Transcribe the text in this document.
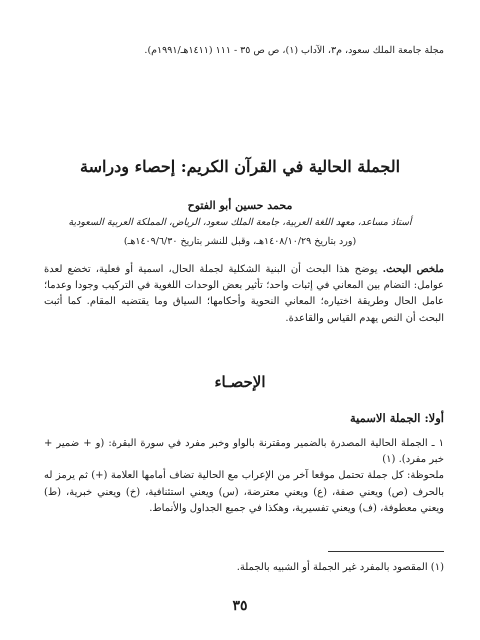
مجلة جامعة الملك سعود، م٣، الآداب (١)، ص ص ٣٥ - ١١١ (١٤١١هـ/١٩٩١م).
الجملة الحالية في القرآن الكريم: إحصاء ودراسة
محمد حسين أبو الفتوح
أستاذ مساعد، معهد اللغة العربية، جامعة الملك سعود، الرياض، المملكة العربية السعودية
(ورد بتاريخ ١٤٠٨/١٠/٢٩هـ، وقبل للنشر بتاريخ ١٤٠٩/٦/٣٠هـ)
ملخص البحث. يوضح هذا البحث أن البنية الشكلية لجملة الحال، اسمية أو فعلية، تخضع لعدة عوامل: التضام بين المعاني في إثبات واحد؛ تأثير بعض الوحدات اللغوية في التركيب وجودا وعدما؛ عامل الحال وطريقة اختياره؛ المعاني النحوية وأحكامها؛ السياق وما يقتضيه المقام. كما أثبت البحث أن النص يهدم القياس والقاعدة.
الإحصـاء
أولا: الجملة الاسمية

١ ـ الجملة الحالية المصدرة بالضمير ومقترنة بالواو وخبر مفرد في سورة البقرة: (و + ضمير + خبر مفرد). (١)

ملحوظة: كل جملة تحتمل موقعا آخر من الإعراب مع الحالية تضاف أمامها العلامة (+) ثم يرمز له بالحرف (ص) ويعني صفة، (ع) ويعني معترضة، (س) ويعني استئنافية، (خ) ويعني خبرية، (ط) ويعني معطوفة، (ف) ويعني تفسيرية، وهكذا في جميع الجداول والأنماط.

(١) المقصود بالمفرد غير الجملة أو الشبيه بالجملة.
٣٥
